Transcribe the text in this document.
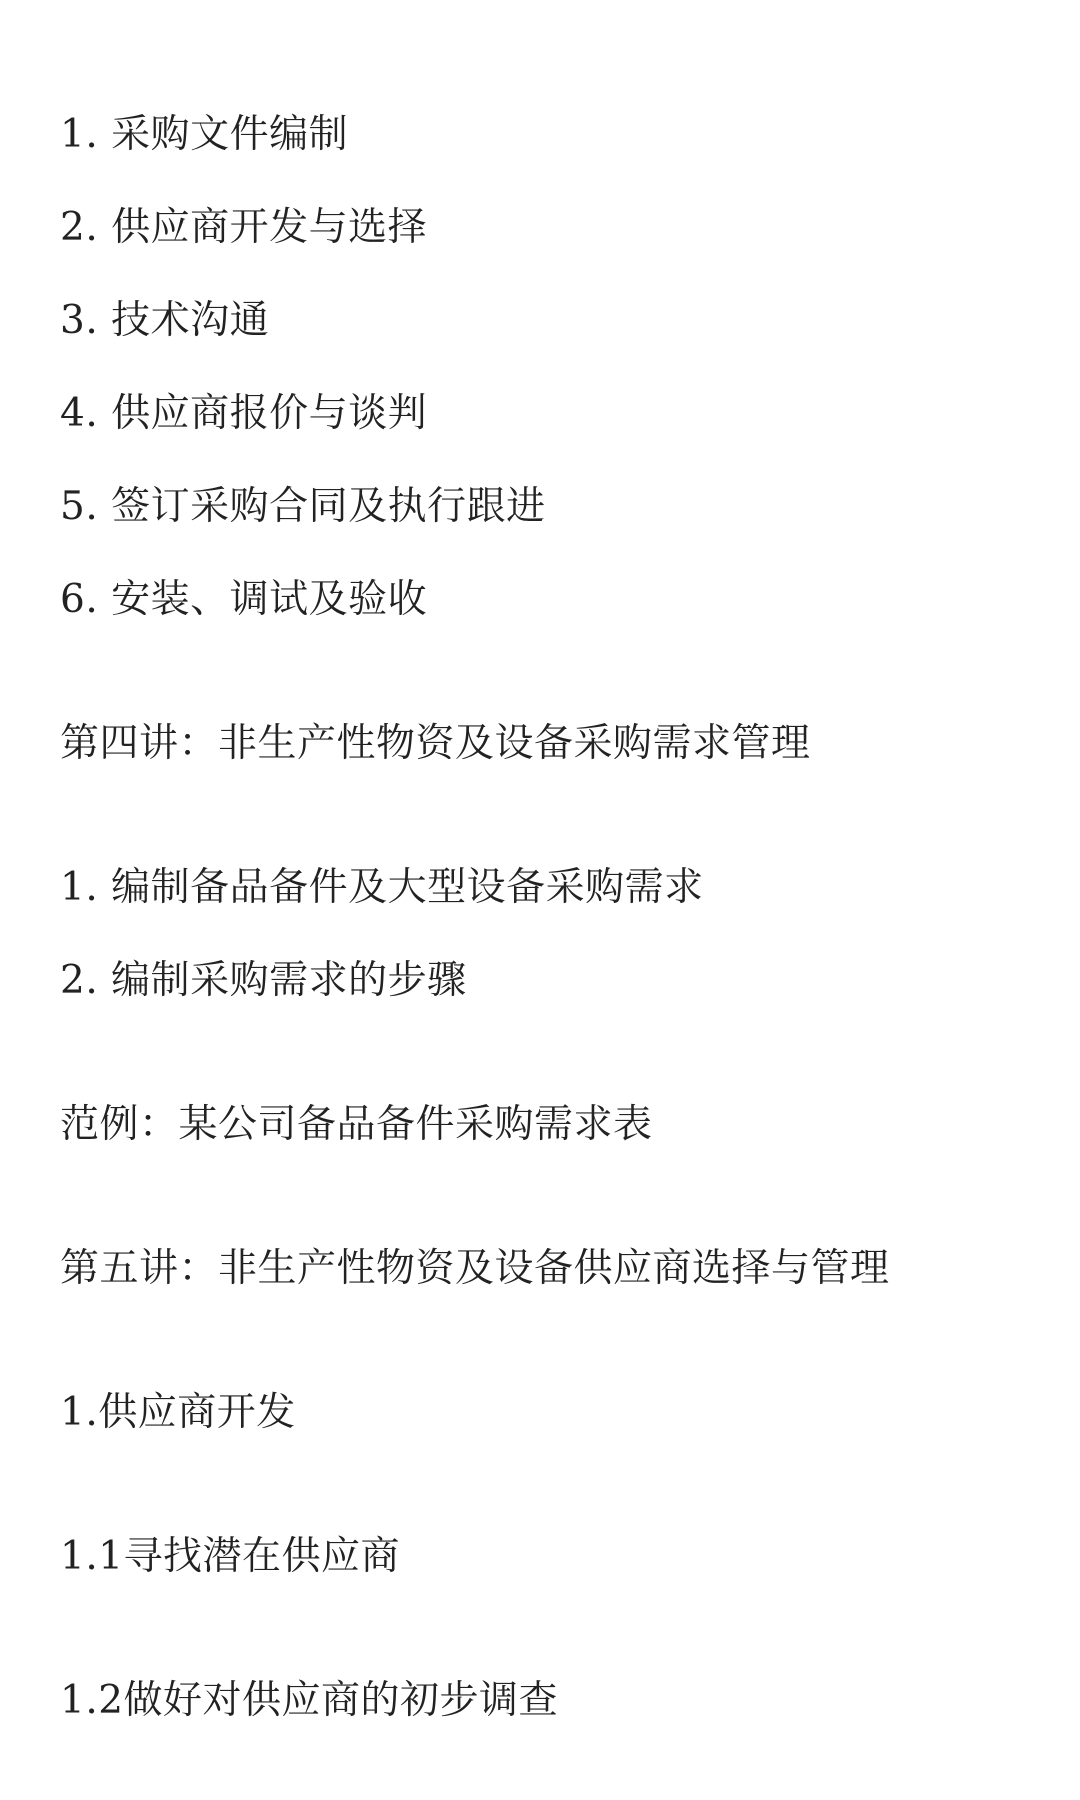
1. 采购文件编制

2. 供应商开发与选择

3. 技术沟通

4. 供应商报价与谈判

5. 签订采购合同及执行跟进

6. 安装、调试及验收

第四讲：非生产性物资及设备采购需求管理

1. 编制备品备件及大型设备采购需求

2. 编制采购需求的步骤

范例：某公司备品备件采购需求表

第五讲：非生产性物资及设备供应商选择与管理

1.供应商开发

1.1寻找潜在供应商

1.2做好对供应商的初步调查
